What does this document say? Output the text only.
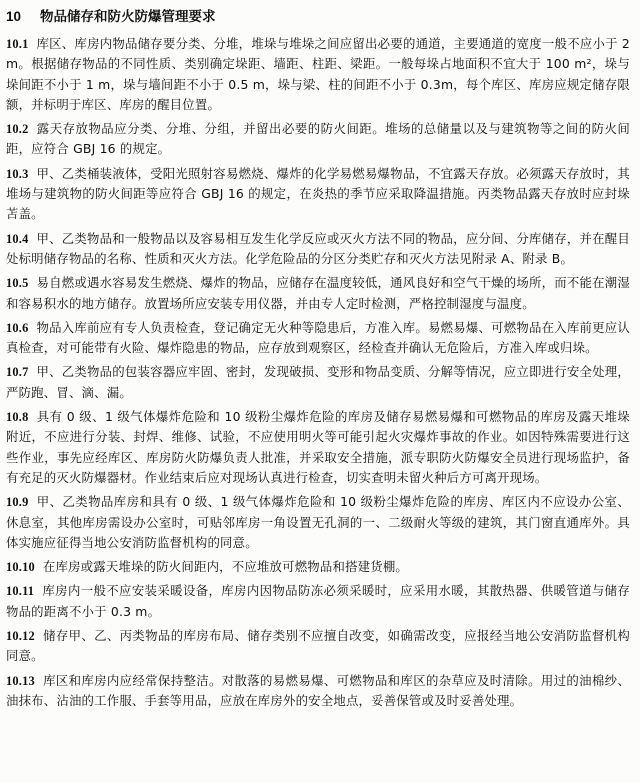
10	物品储存和防火防爆管理要求

10.1 库区、库房内物品储存要分类、分堆，堆垛与堆垛之间应留出必要的通道，主要通道的宽度一般不应小于 2 m。根据储存物品的不同性质、类别确定垛距、墙距、柱距、梁距。一般每垛占地面积不宜大于 100 m²，垛与垛间距不小于 1 m，垛与墙间距不小于 0.5 m，垛与梁、柱的间距不小于 0.3m，每个库区、库房应规定储存限额，并标明于库区、库房的醒目位置。

10.2 露天存放物品应分类、分堆、分组，并留出必要的防火间距。堆场的总储量以及与建筑物等之间的防火间距，应符合 GBJ 16 的规定。

10.3 甲、乙类桶装液体，受阳光照射容易燃烧、爆炸的化学易燃易爆物品，不宜露天存放。必须露天存放时，其堆场与建筑物的防火间距等应符合 GBJ 16 的规定，在炎热的季节应采取降温措施。丙类物品露天存放时应封垛苫盖。

10.4 甲、乙类物品和一般物品以及容易相互发生化学反应或灭火方法不同的物品，应分间、分库储存，并在醒目处标明储存物品的名称、性质和灭火方法。化学危险品的分区分类贮存和灭火方法见附录 A、附录 B。

10.5 易自燃或遇水容易发生燃烧、爆炸的物品，应储存在温度较低，通风良好和空气干燥的场所，而不能在潮湿和容易积水的地方储存。放置场所应安装专用仪器，并由专人定时检测，严格控制湿度与温度。

10.6 物品入库前应有专人负责检查，登记确定无火种等隐患后，方准入库。易燃易爆、可燃物品在入库前更应认真检查，对可能带有火险、爆炸隐患的物品，应存放到观察区，经检查并确认无危险后，方准入库或归垛。

10.7 甲、乙类物品的包装容器应牢固、密封，发现破损、变形和物品变质、分解等情况，应立即进行安全处理，严防跑、冒、滴、漏。

10.8 具有 0 级、1 级气体爆炸危险和 10 级粉尘爆炸危险的库房及储存易燃易爆和可燃物品的库房及露天堆垛附近，不应进行分装、封焊、维修、试验，不应使用明火等可能引起火灾爆炸事故的作业。如因特殊需要进行这些作业，事先应经库区、库房防火防爆负责人批准，并采取安全措施，派专职防火防爆安全员进行现场监护，备有充足的灭火防爆器材。作业结束后应对现场认真进行检查，切实查明未留火种后方可离开现场。

10.9 甲、乙类物品库房和具有 0 级、1 级气体爆炸危险和 10 级粉尘爆炸危险的库房、库区内不应设办公室、休息室，其他库房需设办公室时，可贴邻库房一角设置无孔洞的一、二级耐火等级的建筑，其门窗直通库外。具体实施应征得当地公安消防监督机构的同意。

10.10 在库房或露天堆垛的防火间距内，不应堆放可燃物品和搭建货棚。

10.11 库房内一般不应安装采暖设备，库房内因物品防冻必须采暖时，应采用水暖，其散热器、供暖管道与储存物品的距离不小于 0.3 m。

10.12 储存甲、乙、丙类物品的库房布局、储存类别不应擅自改变，如确需改变，应报经当地公安消防监督机构同意。

10.13 库区和库房内应经常保持整洁。对散落的易燃易爆、可燃物品和库区的杂草应及时清除。用过的油棉纱、油抹布、沾油的工作服、手套等用品，应放在库房外的安全地点，妥善保管或及时妥善处理。
